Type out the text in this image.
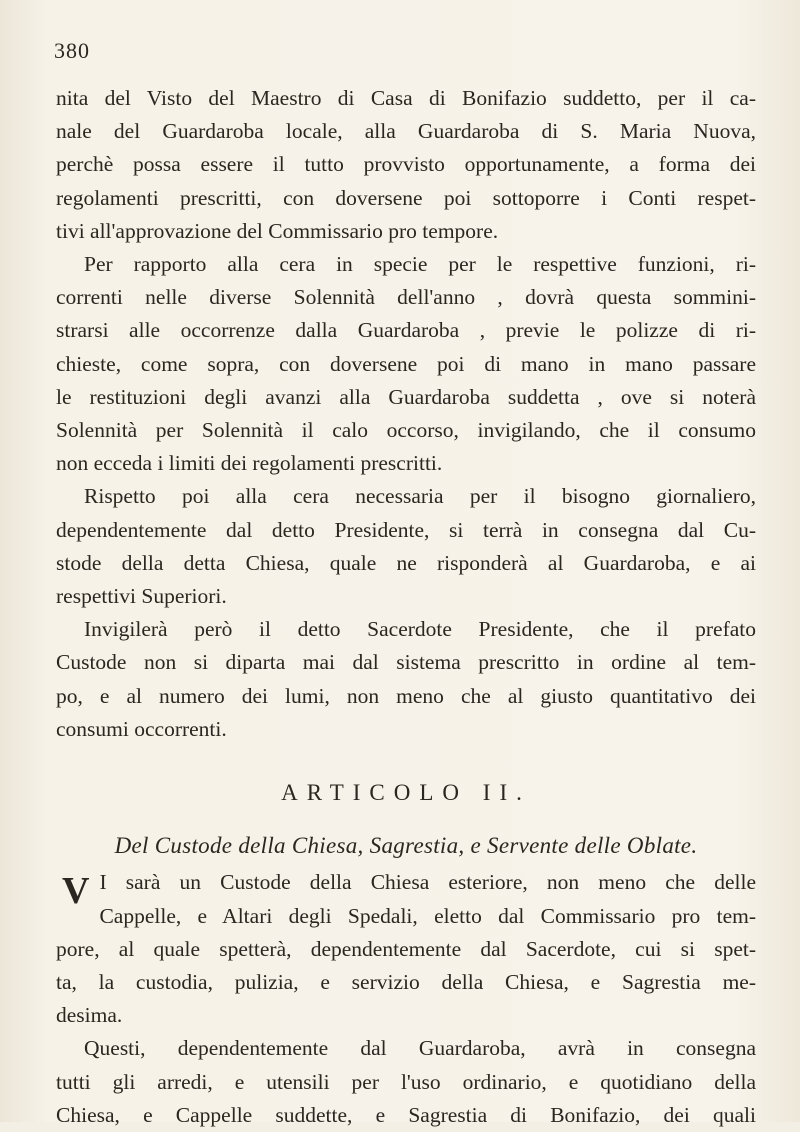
380

nita del Visto del Maestro di Casa di Bonifazio suddetto, per il ca-

nale del Guardaroba locale, alla Guardaroba di S. Maria Nuova,

perchè possa essere il tutto provvisto opportunamente, a forma dei

regolamenti prescritti, con doversene poi sottoporre i Conti respet-

tivi all'approvazione del Commissario pro tempore.

Per rapporto alla cera in specie per le respettive funzioni, ri-

correnti nelle diverse Solennità dell'anno , dovrà questa sommini-

strarsi alle occorrenze dalla Guardaroba , previe le polizze di ri-

chieste, come sopra, con doversene poi di mano in mano passare

le restituzioni degli avanzi alla Guardaroba suddetta , ove si noterà

Solennità per Solennità il calo occorso, invigilando, che il consumo

non ecceda i limiti dei regolamenti prescritti.

Rispetto poi alla cera necessaria per il bisogno giornaliero,

dependentemente dal detto Presidente, si terrà in consegna dal Cu-

stode della detta Chiesa, quale ne risponderà al Guardaroba, e ai

respettivi Superiori.

Invigilerà però il detto Sacerdote Presidente, che il prefato

Custode non si diparta mai dal sistema prescritto in ordine al tem-

po, e al numero dei lumi, non meno che al giusto quantitativo dei

consumi occorrenti.

ARTICOLO II.

Del Custode della Chiesa, Sagrestia, e Servente delle Oblate.

V I sarà un Custode della Chiesa esteriore, non meno che delle

Cappelle, e Altari degli Spedali, eletto dal Commissario pro tem-

pore, al quale spetterà, dependentemente dal Sacerdote, cui si spet-

ta, la custodia, pulizia, e servizio della Chiesa, e Sagrestia me-

desima.

Questi, dependentemente dal Guardaroba, avrà in consegna

tutti gli arredi, e utensili per l'uso ordinario, e quotidiano della

Chiesa, e Cappelle suddette, e Sagrestia di Bonifazio, dei quali
